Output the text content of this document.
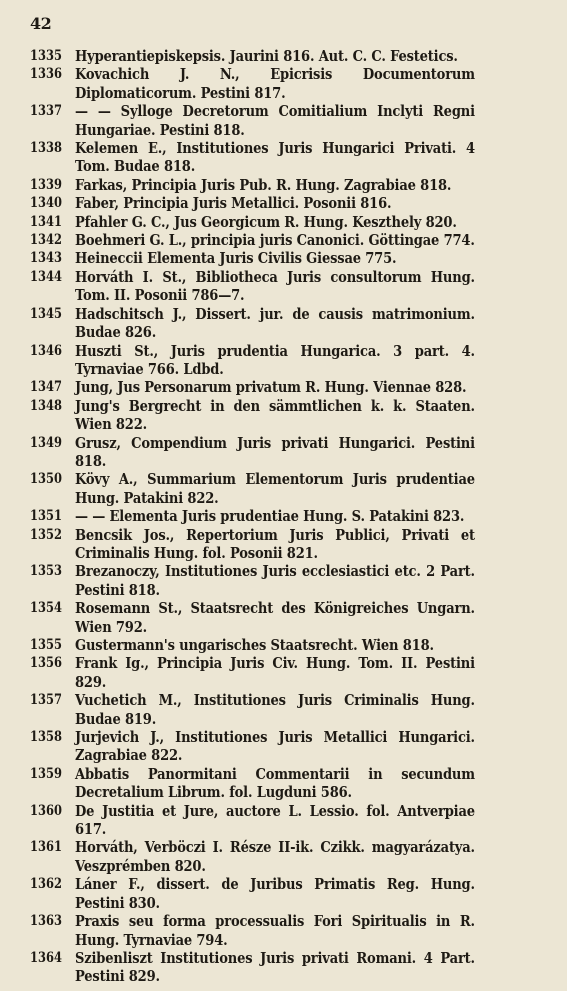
42
1335 Hyperantiepiskepsis. Jaurini 816. Aut. C. C. Festetics.
1336 Kovachich J. N., Epicrisis Documentorum Diplomaticorum. Pestini 817.
1337 — — Sylloge Decretorum Comitialium Inclyti Regni Hungariae. Pestini 818.
1338 Kelemen E., Institutiones Juris Hungarici Privati. 4 Tom. Budae 818.
1339 Farkas, Principia Juris Pub. R. Hung. Zagrabiae 818.
1340 Faber, Principia Juris Metallici. Posonii 816.
1341 Pfahler G. C., Jus Georgicum R. Hung. Keszthely 820.
1342 Boehmeri G. L., principia juris Canonici. Göttingae 774.
1343 Heineccii Elementa Juris Civilis Giessae 775.
1344 Horváth I. St., Bibliotheca Juris consultorum Hung. Tom. II. Posonii 786—7.
1345 Hadschitsch J., Dissert. jur. de causis matrimonium. Budae 826.
1346 Huszti St., Juris prudentia Hungarica. 3 part. 4. Tyrnaviae 766. Ldbd.
1347 Jung, Jus Personarum privatum R. Hung. Viennae 828.
1348 Jung's Bergrecht in den sämmtlichen k. k. Staaten. Wien 822.
1349 Grusz, Compendium Juris privati Hungarici. Pestini 818.
1350 Kövy A., Summarium Elementorum Juris prudentiae Hung. Patakini 822.
1351 — — Elementa Juris prudentiae Hung. S. Patakini 823.
1352 Bencsik Jos., Repertorium Juris Publici, Privati et Criminalis Hung. fol. Posonii 821.
1353 Brezanoczy, Institutiones Juris ecclesiastici etc. 2 Part. Pestini 818.
1354 Rosemann St., Staatsrecht des Königreiches Ungarn. Wien 792.
1355 Gustermann's ungarisches Staatsrecht. Wien 818.
1356 Frank Ig., Principia Juris Civ. Hung. Tom. II. Pestini 829.
1357 Vuchetich M., Institutiones Juris Criminalis Hung. Budae 819.
1358 Jurjevich J., Institutiones Juris Metallici Hungarici. Zagrabiae 822.
1359 Abbatis Panormitani Commentarii in secundum Decretalium Librum. fol. Lugduni 586.
1360 De Justitia et Jure, auctore L. Lessio. fol. Antverpiae 617.
1361 Horváth, Verböczi I. Része II-ik. Czikk. magyarázatya. Veszprémben 820.
1362 Láner F., dissert. de Juribus Primatis Reg. Hung. Pestini 830.
1363 Praxis seu forma processualis Fori Spiritualis in R. Hung. Tyrnaviae 794.
1364 Szibenliszt Institutiones Juris privati Romani. 4 Part. Pestini 829.
